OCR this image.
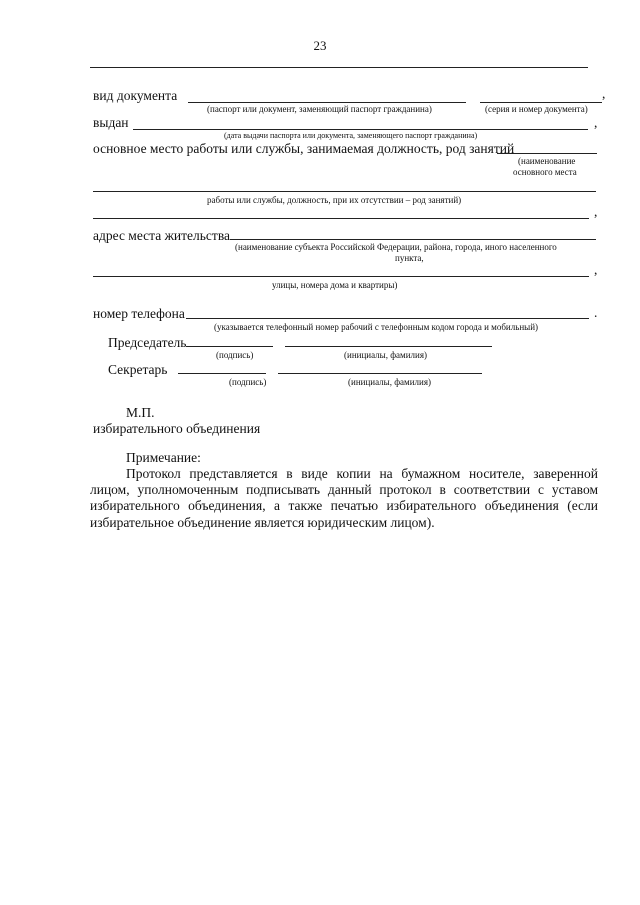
23
вид документа	,
(паспорт или документ, заменяющий паспорт гражданина)	(серия и номер документа)
выдан	,
(дата выдачи паспорта или документа, заменяющего паспорт гражданина)
основное место работы или службы, занимаемая должность, род занятий
(наименование
основного места
работы или службы, должность, при их отсутствии – род занятий)
,
адрес места жительства
(наименование субъекта Российской Федерации, района, города, иного населенного
пункта,
,
улицы, номера дома и квартиры)
номер телефона	.
(указывается телефонный номер рабочий с телефонным кодом города и мобильный)
Председатель
(подпись)	(инициалы, фамилия)
Секретарь
(подпись)	(инициалы, фамилия)
М.П.
избирательного объединения
Примечание:
Протокол представляется в виде копии на бумажном носителе, заверенной лицом, уполномоченным подписывать данный протокол в соответствии с уставом избирательного объединения, а также печатью избирательного объединения (если избирательное объединение является юридическим лицом).
